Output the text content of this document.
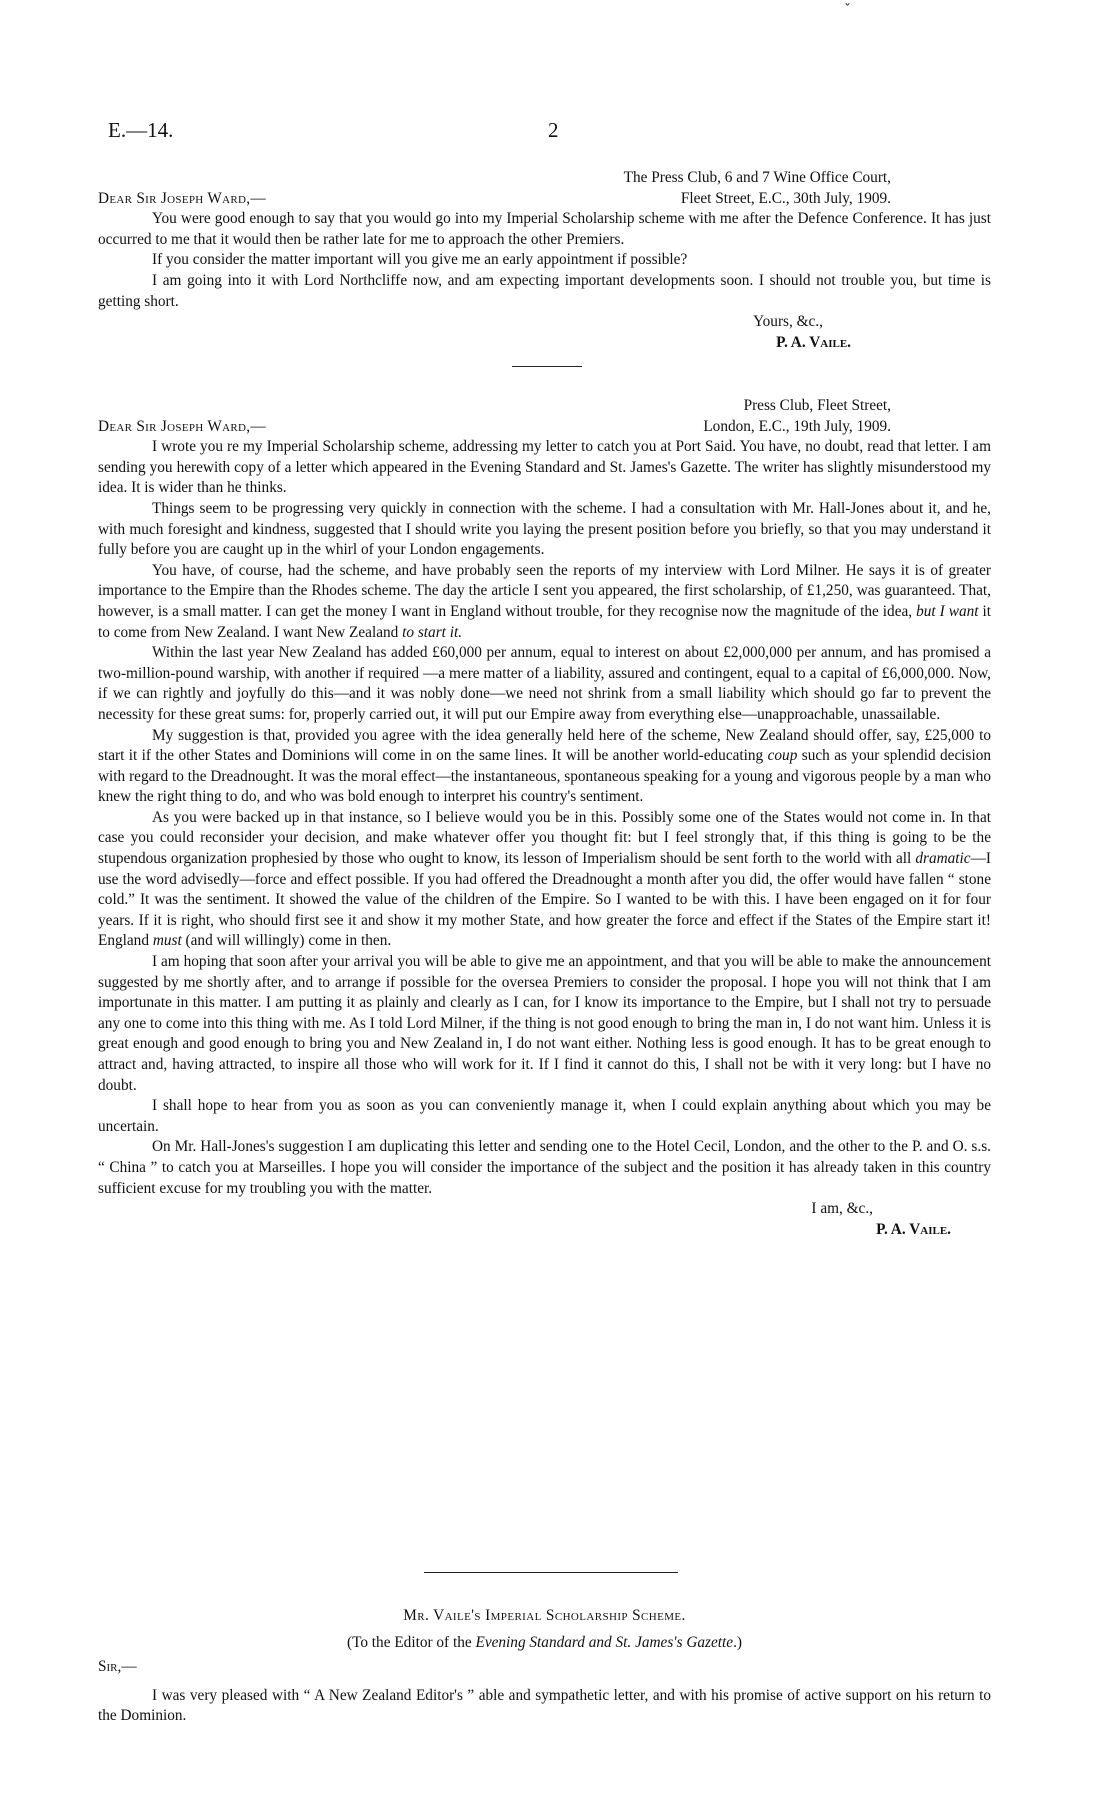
E.—14.	2
ˇ
The Press Club, 6 and 7 Wine Office Court,
Dear Sir Joseph Ward,—	Fleet Street, E.C., 30th July, 1909.

You were good enough to say that you would go into my Imperial Scholarship scheme with me after the Defence Conference. It has just occurred to me that it would then be rather late for me to approach the other Premiers.

If you consider the matter important will you give me an early appointment if possible?

I am going into it with Lord Northcliffe now, and am expecting important developments soon. I should not trouble you, but time is getting short.

Yours, &c.,
P. A. Vaile.
Press Club, Fleet Street,
Dear Sir Joseph Ward,—	London, E.C., 19th July, 1909.

I wrote you re my Imperial Scholarship scheme, addressing my letter to catch you at Port Said. You have, no doubt, read that letter. I am sending you herewith copy of a letter which appeared in the Evening Standard and St. James's Gazette. The writer has slightly misunderstood my idea. It is wider than he thinks.

Things seem to be progressing very quickly in connection with the scheme. I had a consultation with Mr. Hall-Jones about it, and he, with much foresight and kindness, suggested that I should write you laying the present position before you briefly, so that you may understand it fully before you are caught up in the whirl of your London engagements.

You have, of course, had the scheme, and have probably seen the reports of my interview with Lord Milner. He says it is of greater importance to the Empire than the Rhodes scheme. The day the article I sent you appeared, the first scholarship, of £1,250, was guaranteed. That, however, is a small matter. I can get the money I want in England without trouble, for they recognise now the magnitude of the idea, but I want it to come from New Zealand. I want New Zealand to start it.

Within the last year New Zealand has added £60,000 per annum, equal to interest on about £2,000,000 per annum, and has promised a two-million-pound warship, with another if required —a mere matter of a liability, assured and contingent, equal to a capital of £6,000,000. Now, if we can rightly and joyfully do this—and it was nobly done—we need not shrink from a small liability which should go far to prevent the necessity for these great sums: for, properly carried out, it will put our Empire away from everything else—unapproachable, unassailable.

My suggestion is that, provided you agree with the idea generally held here of the scheme, New Zealand should offer, say, £25,000 to start it if the other States and Dominions will come in on the same lines. It will be another world-educating coup such as your splendid decision with regard to the Dreadnought. It was the moral effect—the instantaneous, spontaneous speaking for a young and vigorous people by a man who knew the right thing to do, and who was bold enough to interpret his country's sentiment.

As you were backed up in that instance, so I believe would you be in this. Possibly some one of the States would not come in. In that case you could reconsider your decision, and make whatever offer you thought fit: but I feel strongly that, if this thing is going to be the stupendous organization prophesied by those who ought to know, its lesson of Imperialism should be sent forth to the world with all dramatic—I use the word advisedly—force and effect possible. If you had offered the Dreadnought a month after you did, the offer would have fallen “ stone cold.” It was the sentiment. It showed the value of the children of the Empire. So I wanted to be with this. I have been engaged on it for four years. If it is right, who should first see it and show it my mother State, and how greater the force and effect if the States of the Empire start it! England must (and will willingly) come in then.

I am hoping that soon after your arrival you will be able to give me an appointment, and that you will be able to make the announcement suggested by me shortly after, and to arrange if possible for the oversea Premiers to consider the proposal. I hope you will not think that I am importunate in this matter. I am putting it as plainly and clearly as I can, for I know its importance to the Empire, but I shall not try to persuade any one to come into this thing with me. As I told Lord Milner, if the thing is not good enough to bring the man in, I do not want him. Unless it is great enough and good enough to bring you and New Zealand in, I do not want either. Nothing less is good enough. It has to be great enough to attract and, having attracted, to inspire all those who will work for it. If I find it cannot do this, I shall not be with it very long: but I have no doubt.

I shall hope to hear from you as soon as you can conveniently manage it, when I could explain anything about which you may be uncertain.

On Mr. Hall-Jones's suggestion I am duplicating this letter and sending one to the Hotel Cecil, London, and the other to the P. and O. s.s. “ China ” to catch you at Marseilles. I hope you will consider the importance of the subject and the position it has already taken in this country sufficient excuse for my troubling you with the matter.

I am, &c.,
P. A. Vaile.
Mr. Vaile's Imperial Scholarship Scheme.
(To the Editor of the Evening Standard and St. James's Gazette.)
Sir,—

I was very pleased with “ A New Zealand Editor's ” able and sympathetic letter, and with his promise of active support on his return to the Dominion.
